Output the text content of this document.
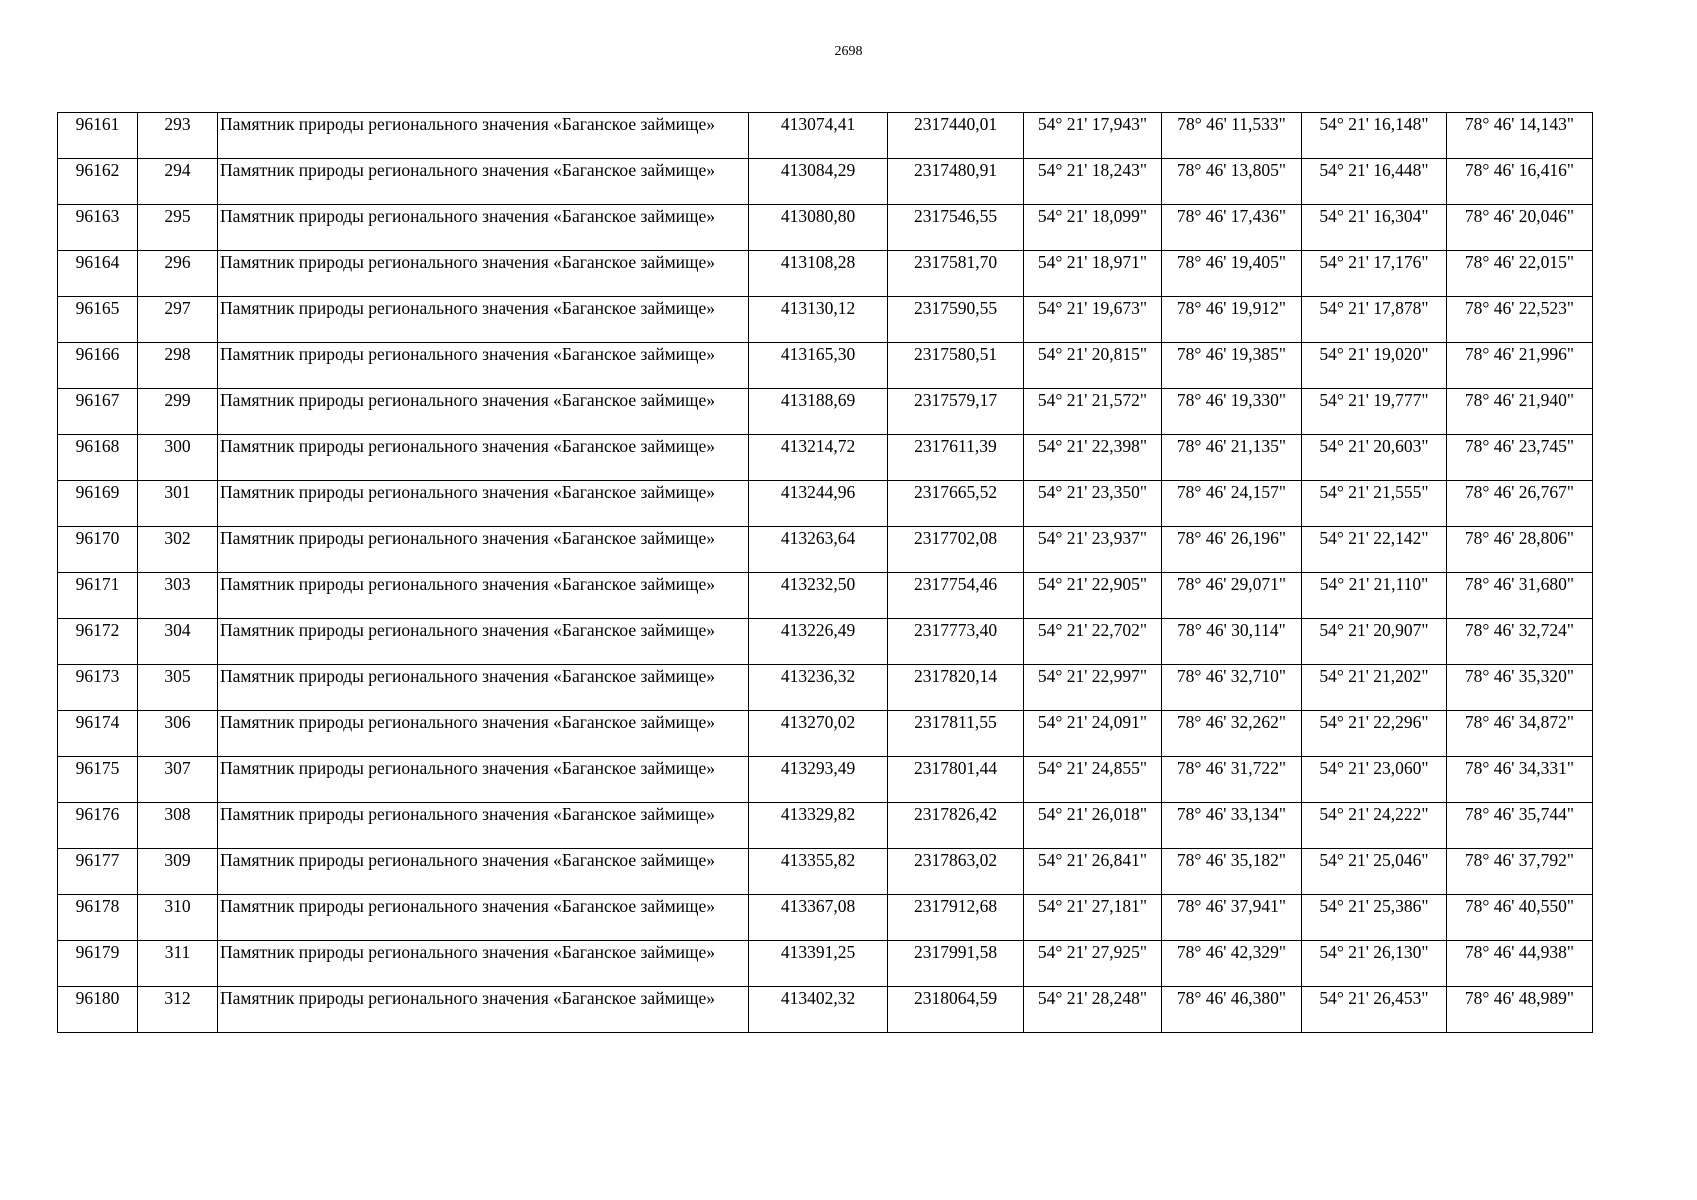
2698
96161	293	Памятник природы регионального значения «Баганское займище»	413074,41	2317440,01	54° 21' 17,943"	78° 46' 11,533"	54° 21' 16,148"	78° 46' 14,143"
96162	294	Памятник природы регионального значения «Баганское займище»	413084,29	2317480,91	54° 21' 18,243"	78° 46' 13,805"	54° 21' 16,448"	78° 46' 16,416"
96163	295	Памятник природы регионального значения «Баганское займище»	413080,80	2317546,55	54° 21' 18,099"	78° 46' 17,436"	54° 21' 16,304"	78° 46' 20,046"
96164	296	Памятник природы регионального значения «Баганское займище»	413108,28	2317581,70	54° 21' 18,971"	78° 46' 19,405"	54° 21' 17,176"	78° 46' 22,015"
96165	297	Памятник природы регионального значения «Баганское займище»	413130,12	2317590,55	54° 21' 19,673"	78° 46' 19,912"	54° 21' 17,878"	78° 46' 22,523"
96166	298	Памятник природы регионального значения «Баганское займище»	413165,30	2317580,51	54° 21' 20,815"	78° 46' 19,385"	54° 21' 19,020"	78° 46' 21,996"
96167	299	Памятник природы регионального значения «Баганское займище»	413188,69	2317579,17	54° 21' 21,572"	78° 46' 19,330"	54° 21' 19,777"	78° 46' 21,940"
96168	300	Памятник природы регионального значения «Баганское займище»	413214,72	2317611,39	54° 21' 22,398"	78° 46' 21,135"	54° 21' 20,603"	78° 46' 23,745"
96169	301	Памятник природы регионального значения «Баганское займище»	413244,96	2317665,52	54° 21' 23,350"	78° 46' 24,157"	54° 21' 21,555"	78° 46' 26,767"
96170	302	Памятник природы регионального значения «Баганское займище»	413263,64	2317702,08	54° 21' 23,937"	78° 46' 26,196"	54° 21' 22,142"	78° 46' 28,806"
96171	303	Памятник природы регионального значения «Баганское займище»	413232,50	2317754,46	54° 21' 22,905"	78° 46' 29,071"	54° 21' 21,110"	78° 46' 31,680"
96172	304	Памятник природы регионального значения «Баганское займище»	413226,49	2317773,40	54° 21' 22,702"	78° 46' 30,114"	54° 21' 20,907"	78° 46' 32,724"
96173	305	Памятник природы регионального значения «Баганское займище»	413236,32	2317820,14	54° 21' 22,997"	78° 46' 32,710"	54° 21' 21,202"	78° 46' 35,320"
96174	306	Памятник природы регионального значения «Баганское займище»	413270,02	2317811,55	54° 21' 24,091"	78° 46' 32,262"	54° 21' 22,296"	78° 46' 34,872"
96175	307	Памятник природы регионального значения «Баганское займище»	413293,49	2317801,44	54° 21' 24,855"	78° 46' 31,722"	54° 21' 23,060"	78° 46' 34,331"
96176	308	Памятник природы регионального значения «Баганское займище»	413329,82	2317826,42	54° 21' 26,018"	78° 46' 33,134"	54° 21' 24,222"	78° 46' 35,744"
96177	309	Памятник природы регионального значения «Баганское займище»	413355,82	2317863,02	54° 21' 26,841"	78° 46' 35,182"	54° 21' 25,046"	78° 46' 37,792"
96178	310	Памятник природы регионального значения «Баганское займище»	413367,08	2317912,68	54° 21' 27,181"	78° 46' 37,941"	54° 21' 25,386"	78° 46' 40,550"
96179	311	Памятник природы регионального значения «Баганское займище»	413391,25	2317991,58	54° 21' 27,925"	78° 46' 42,329"	54° 21' 26,130"	78° 46' 44,938"
96180	312	Памятник природы регионального значения «Баганское займище»	413402,32	2318064,59	54° 21' 28,248"	78° 46' 46,380"	54° 21' 26,453"	78° 46' 48,989"
